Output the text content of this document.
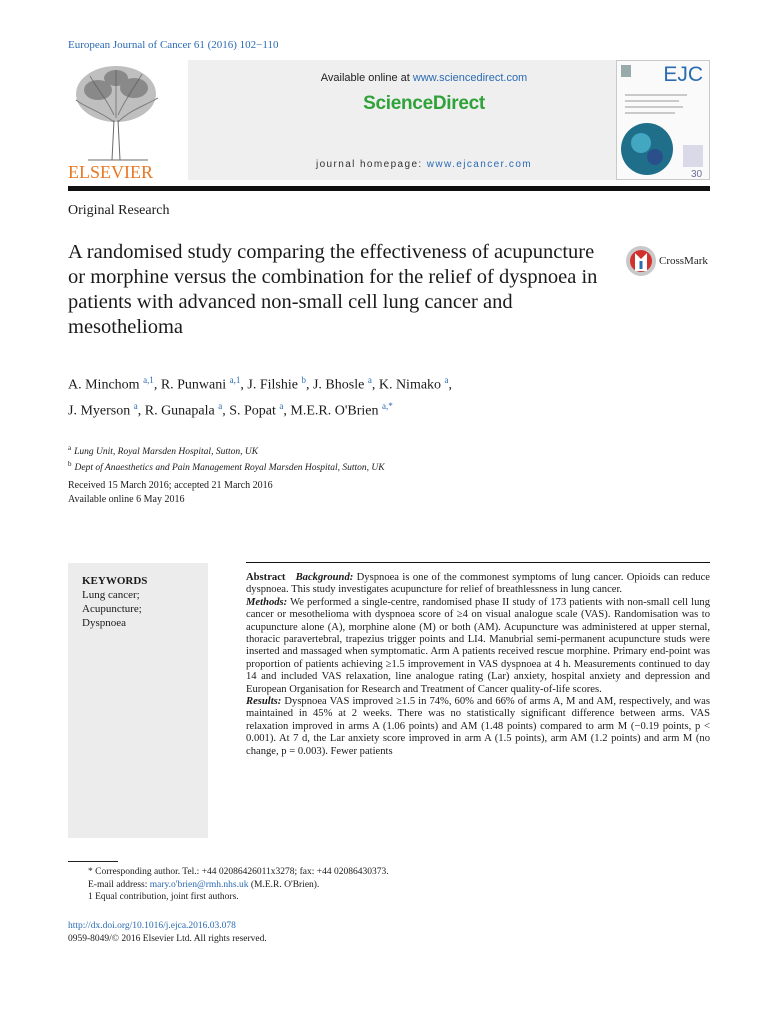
European Journal of Cancer 61 (2016) 102−110
ELSEVIER
Available online at www.sciencedirect.com
ScienceDirect
journal homepage: www.ejcancer.com
30
EJC
Original Research
A randomised study comparing the effectiveness of acupuncture or morphine versus the combination for the relief of dyspnoea in patients with advanced non-small cell lung cancer and mesothelioma
CrossMark
A. Minchom $^{a,1}$, R. Punwani $^{a,1}$, J. Filshie $^b$, J. Bhosle $^a$, K. Nimako $^a$,
J. Myerson $^a$, R. Gunapala $^a$, S. Popat $^a$, M.E.R. O'Brien $^{a,*}$
$^a$ Lung Unit, Royal Marsden Hospital, Sutton, UK
$^b$ Dept of Anaesthetics and Pain Management Royal Marsden Hospital, Sutton, UK
Received 15 March 2016; accepted 21 March 2016
Available online 6 May 2016
KEYWORDS
Lung cancer;
Acupuncture;
Dyspnoea

Abstract Background: Dyspnoea is one of the commonest symptoms of lung cancer. Opioids can reduce dyspnoea. This study investigates acupuncture for relief of breathlessness in lung cancer.

Methods: We performed a single-centre, randomised phase II study of 173 patients with non-small cell lung cancer or mesothelioma with dyspnoea score of ≥4 on visual analogue scale (VAS). Randomisation was to acupuncture alone (A), morphine alone (M) or both (AM). Acupuncture was administered at upper sternal, thoracic paravertebral, trapezius trigger points and LI4. Manubrial semi-permanent acupuncture studs were inserted and massaged when symptomatic. Arm A patients received rescue morphine. Primary end-point was proportion of patients achieving ≥1.5 improvement in VAS dyspnoea at 4 h. Measurements continued to day 14 and included VAS relaxation, line analogue rating (Lar) anxiety, hospital anxiety and depression and European Organisation for Research and Treatment of Cancer quality-of-life scores.

Results: Dyspnoea VAS improved ≥1.5 in 74%, 60% and 66% of arms A, M and AM, respectively, and was maintained in 45% at 2 weeks. There was no statistically significant difference between arms. VAS relaxation improved in arms A (1.06 points) and AM (1.48 points) compared to arm M (−0.19 points, p < 0.001). At 7 d, the Lar anxiety score improved in arm A (1.5 points), arm AM (1.2 points) and arm M (no change, p = 0.003). Fewer patients

* Corresponding author. Tel.: +44 02086426011x3278; fax: +44 02086430373.
E-mail address: mary.o'brien@rmh.nhs.uk (M.E.R. O'Brien).
1 Equal contribution, joint first authors.
http://dx.doi.org/10.1016/j.ejca.2016.03.078
0959-8049/© 2016 Elsevier Ltd. All rights reserved.
